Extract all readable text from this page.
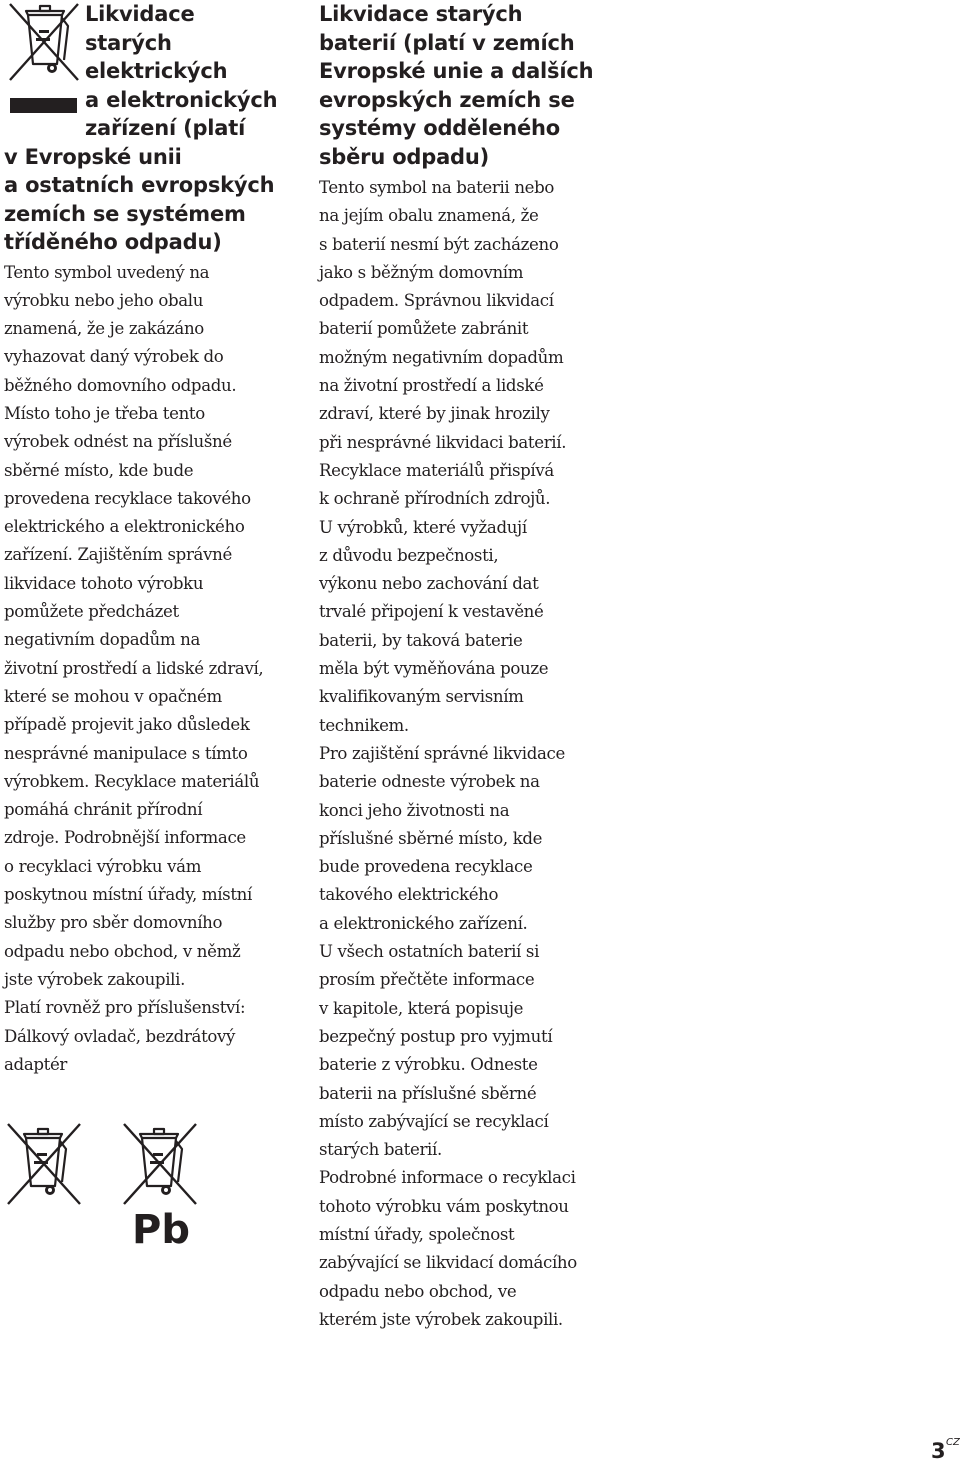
Likvidace
starých
elektrických
a elektronických
zařízení (platí
v Evropské unii
a ostatních evropských
zemích se systémem
tříděného odpadu)
Tento symbol uvedený na
výrobku nebo jeho obalu
znamená, že je zakázáno
vyhazovat daný výrobek do
běžného domovního odpadu.
Místo toho je třeba tento
výrobek odnést na příslušné
sběrné místo, kde bude
provedena recyklace takového
elektrického a elektronického
zařízení. Zajištěním správné
likvidace tohoto výrobku
pomůžete předcházet
negativním dopadům na
životní prostředí a lidské zdraví,
které se mohou v opačném
případě projevit jako důsledek
nesprávné manipulace s tímto
výrobkem. Recyklace materiálů
pomáhá chránit přírodní
zdroje. Podrobnější informace
o recyklaci výrobku vám
poskytnou místní úřady, místní
služby pro sběr domovního
odpadu nebo obchod, v němž
jste výrobek zakoupili.
Platí rovněž pro příslušenství:
Dálkový ovladač, bezdrátový
adaptér
Pb
Likvidace starých
baterií (platí v zemích
Evropské unie a dalších
evropských zemích se
systémy odděleného
sběru odpadu)
Tento symbol na baterii nebo
na jejím obalu znamená, že
s baterií nesmí být zacházeno
jako s běžným domovním
odpadem. Správnou likvidací
baterií pomůžete zabránit
možným negativním dopadům
na životní prostředí a lidské
zdraví, které by jinak hrozily
při nesprávné likvidaci baterií.
Recyklace materiálů přispívá
k ochraně přírodních zdrojů.
U výrobků, které vyžadují
z důvodu bezpečnosti,
výkonu nebo zachování dat
trvalé připojení k vestavěné
baterii, by taková baterie
měla být vyměňována pouze
kvalifikovaným servisním
technikem.
Pro zajištění správné likvidace
baterie odneste výrobek na
konci jeho životnosti na
příslušné sběrné místo, kde
bude provedena recyklace
takového elektrického
a elektronického zařízení.
U všech ostatních baterií si
prosím přečtěte informace
v kapitole, která popisuje
bezpečný postup pro vyjmutí
baterie z výrobku. Odneste
baterii na příslušné sběrné
místo zabývající se recyklací
starých baterií.
Podrobné informace o recyklaci
tohoto výrobku vám poskytnou
místní úřady, společnost
zabývající se likvidací domácího
odpadu nebo obchod, ve
kterém jste výrobek zakoupili.
3 CZ
